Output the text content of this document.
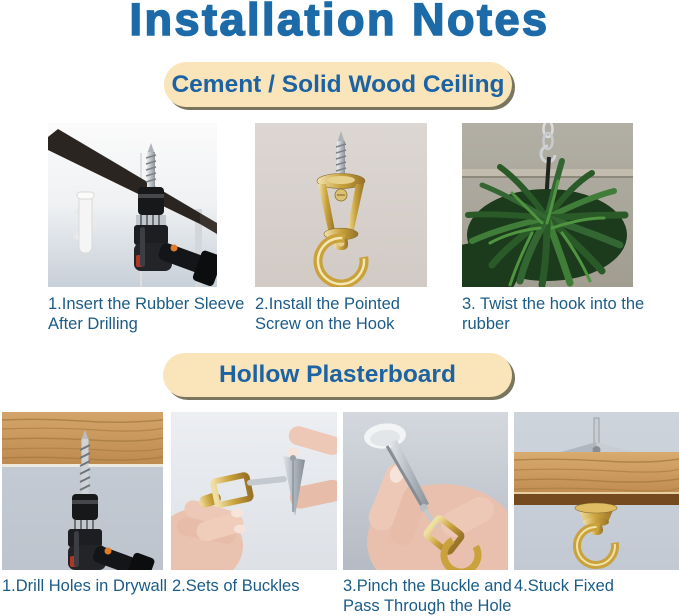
Installation Notes
Cement / Solid Wood Ceiling
1.Insert the Rubber Sleeve
After Drilling
2.Install the Pointed
Screw on the Hook
3. Twist the hook into the
rubber
Hollow Plasterboard
1.Drill Holes in Drywall 2.Sets of Buckles	3.Pinch the Buckle and
Pass Through the Hole
4.Stuck Fixed
